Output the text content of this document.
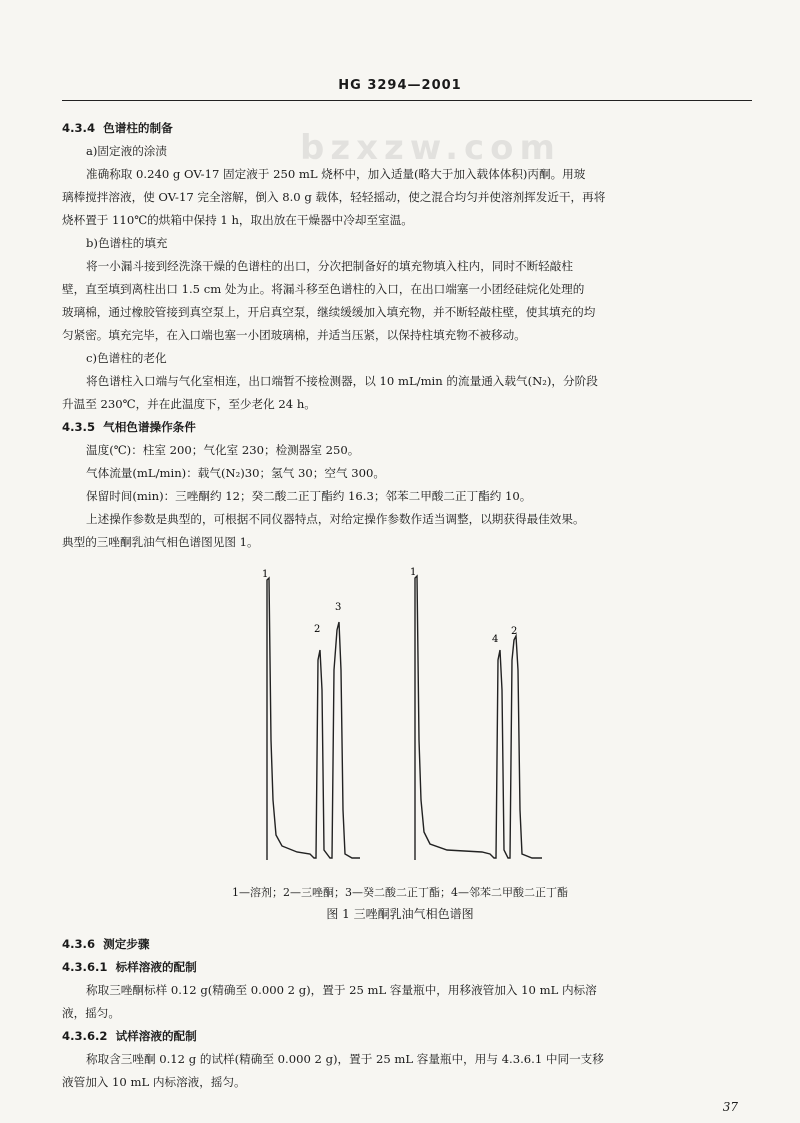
HG 3294—2001
bzxzw.com
4.3.4 色谱柱的制备
a)固定液的涂渍
准确称取 0.240 g OV-17 固定液于 250 mL 烧杯中，加入适量(略大于加入载体体积)丙酮。用玻
璃棒搅拌溶液，使 OV-17 完全溶解，倒入 8.0 g 载体，轻轻摇动，使之混合均匀并使溶剂挥发近干，再将
烧杯置于 110℃的烘箱中保持 1 h，取出放在干燥器中冷却至室温。
b)色谱柱的填充
将一小漏斗接到经洗涤干燥的色谱柱的出口，分次把制备好的填充物填入柱内，同时不断轻敲柱
壁，直至填到离柱出口 1.5 cm 处为止。将漏斗移至色谱柱的入口，在出口端塞一小团经硅烷化处理的
玻璃棉，通过橡胶管接到真空泵上，开启真空泵，继续缓缓加入填充物，并不断轻敲柱壁，使其填充的均
匀紧密。填充完毕，在入口端也塞一小团玻璃棉，并适当压紧，以保持柱填充物不被移动。
c)色谱柱的老化
将色谱柱入口端与气化室相连，出口端暂不接检测器，以 10 mL/min 的流量通入载气(N₂)，分阶段
升温至 230℃，并在此温度下，至少老化 24 h。
4.3.5 气相色谱操作条件
温度(℃)：柱室 200；气化室 230；检测器室 250。
气体流量(mL/min)：载气(N₂)30；氢气 30；空气 300。
保留时间(min)：三唑酮约 12；癸二酸二正丁酯约 16.3；邻苯二甲酸二正丁酯约 10。
上述操作参数是典型的，可根据不同仪器特点，对给定操作参数作适当调整，以期获得最佳效果。
典型的三唑酮乳油气相色谱图见图 1。
1
2
3
1
4
2
1—溶剂；2—三唑酮；3—癸二酸二正丁酯；4—邻苯二甲酸二正丁酯
图 1 三唑酮乳油气相色谱图
4.3.6 测定步骤
4.3.6.1 标样溶液的配制
称取三唑酮标样 0.12 g(精确至 0.000 2 g)，置于 25 mL 容量瓶中，用移液管加入 10 mL 内标溶
液，摇匀。
4.3.6.2 试样溶液的配制
称取含三唑酮 0.12 g 的试样(精确至 0.000 2 g)，置于 25 mL 容量瓶中，用与 4.3.6.1 中同一支移
液管加入 10 mL 内标溶液，摇匀。
37
